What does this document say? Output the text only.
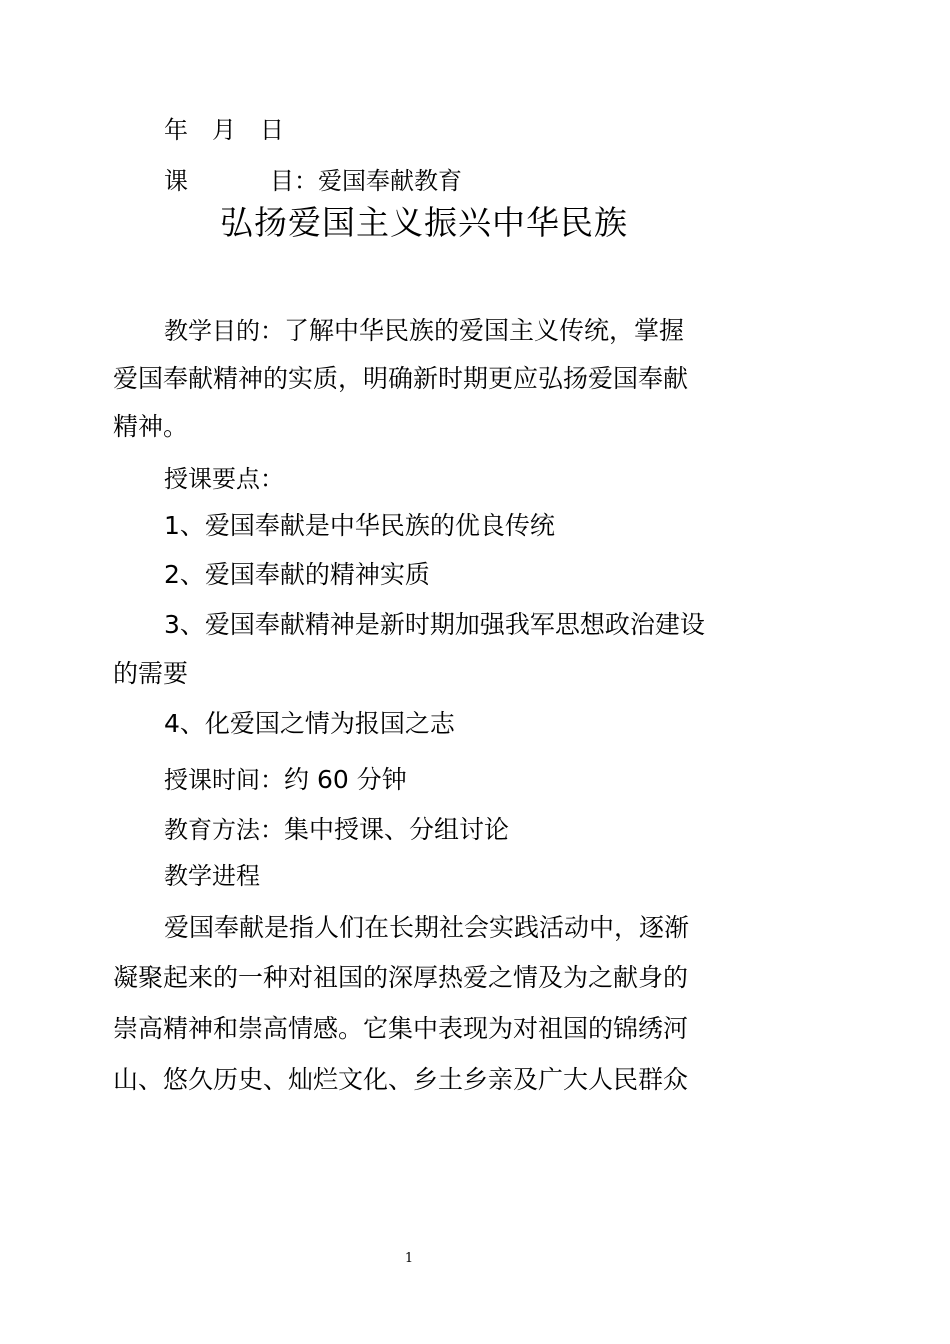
年 月 日
课	目：爱国奉献教育
弘扬爱国主义振兴中华民族
教学目的：了解中华民族的爱国主义传统，掌握
爱国奉献精神的实质，明确新时期更应弘扬爱国奉献
精神。
授课要点：
1、爱国奉献是中华民族的优良传统
2、爱国奉献的精神实质
3、爱国奉献精神是新时期加强我军思想政治建设
的需要
4、化爱国之情为报国之志
授课时间：约 60 分钟
教育方法：集中授课、分组讨论
教学进程
爱国奉献是指人们在长期社会实践活动中，逐渐
凝聚起来的一种对祖国的深厚热爱之情及为之献身的
崇高精神和崇高情感。它集中表现为对祖国的锦绣河
山、悠久历史、灿烂文化、乡土乡亲及广大人民群众
1
